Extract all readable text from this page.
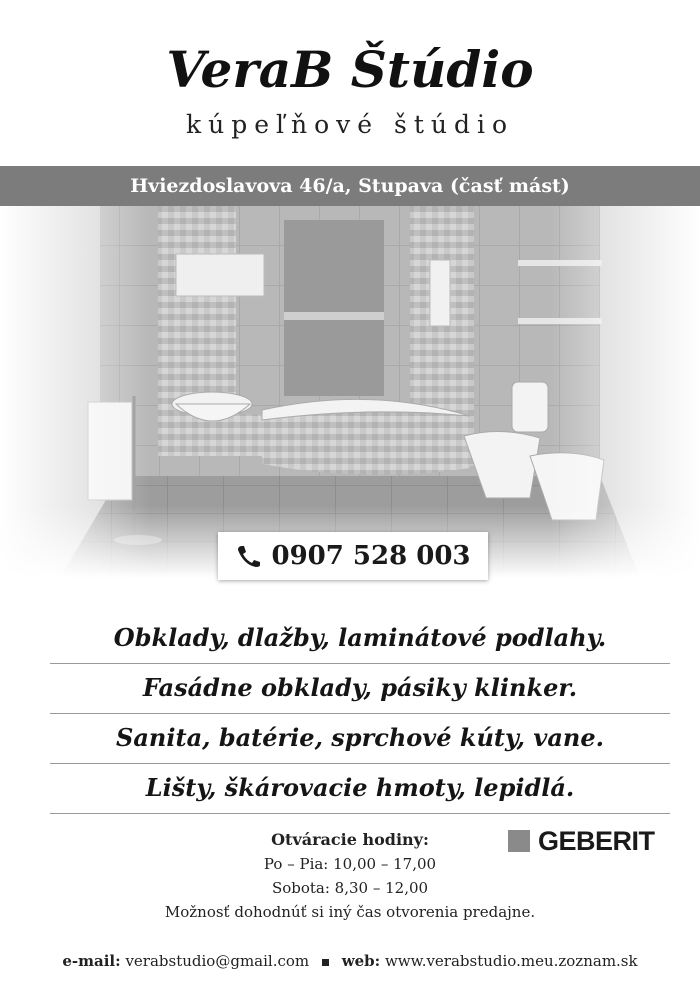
VeraB Štúdio
kúpeľňové štúdio
Hviezdoslavova 46/a, Stupava (časť mást)
0907 528 003
Obklady, dlažby, laminátové podlahy.
Fasádne obklady, pásiky klinker.
Sanita, batérie, sprchové kúty, vane.
Lišty, škárovacie hmoty, lepidlá.
Otváracie hodiny:
Po – Pia: 10,00 – 17,00
Sobota: 8,30 – 12,00
Možnosť dohodnúť si iný čas otvorenia predajne.
GEBERIT
e-mail: verabstudio@gmail.com web: www.verabstudio.meu.zoznam.sk
